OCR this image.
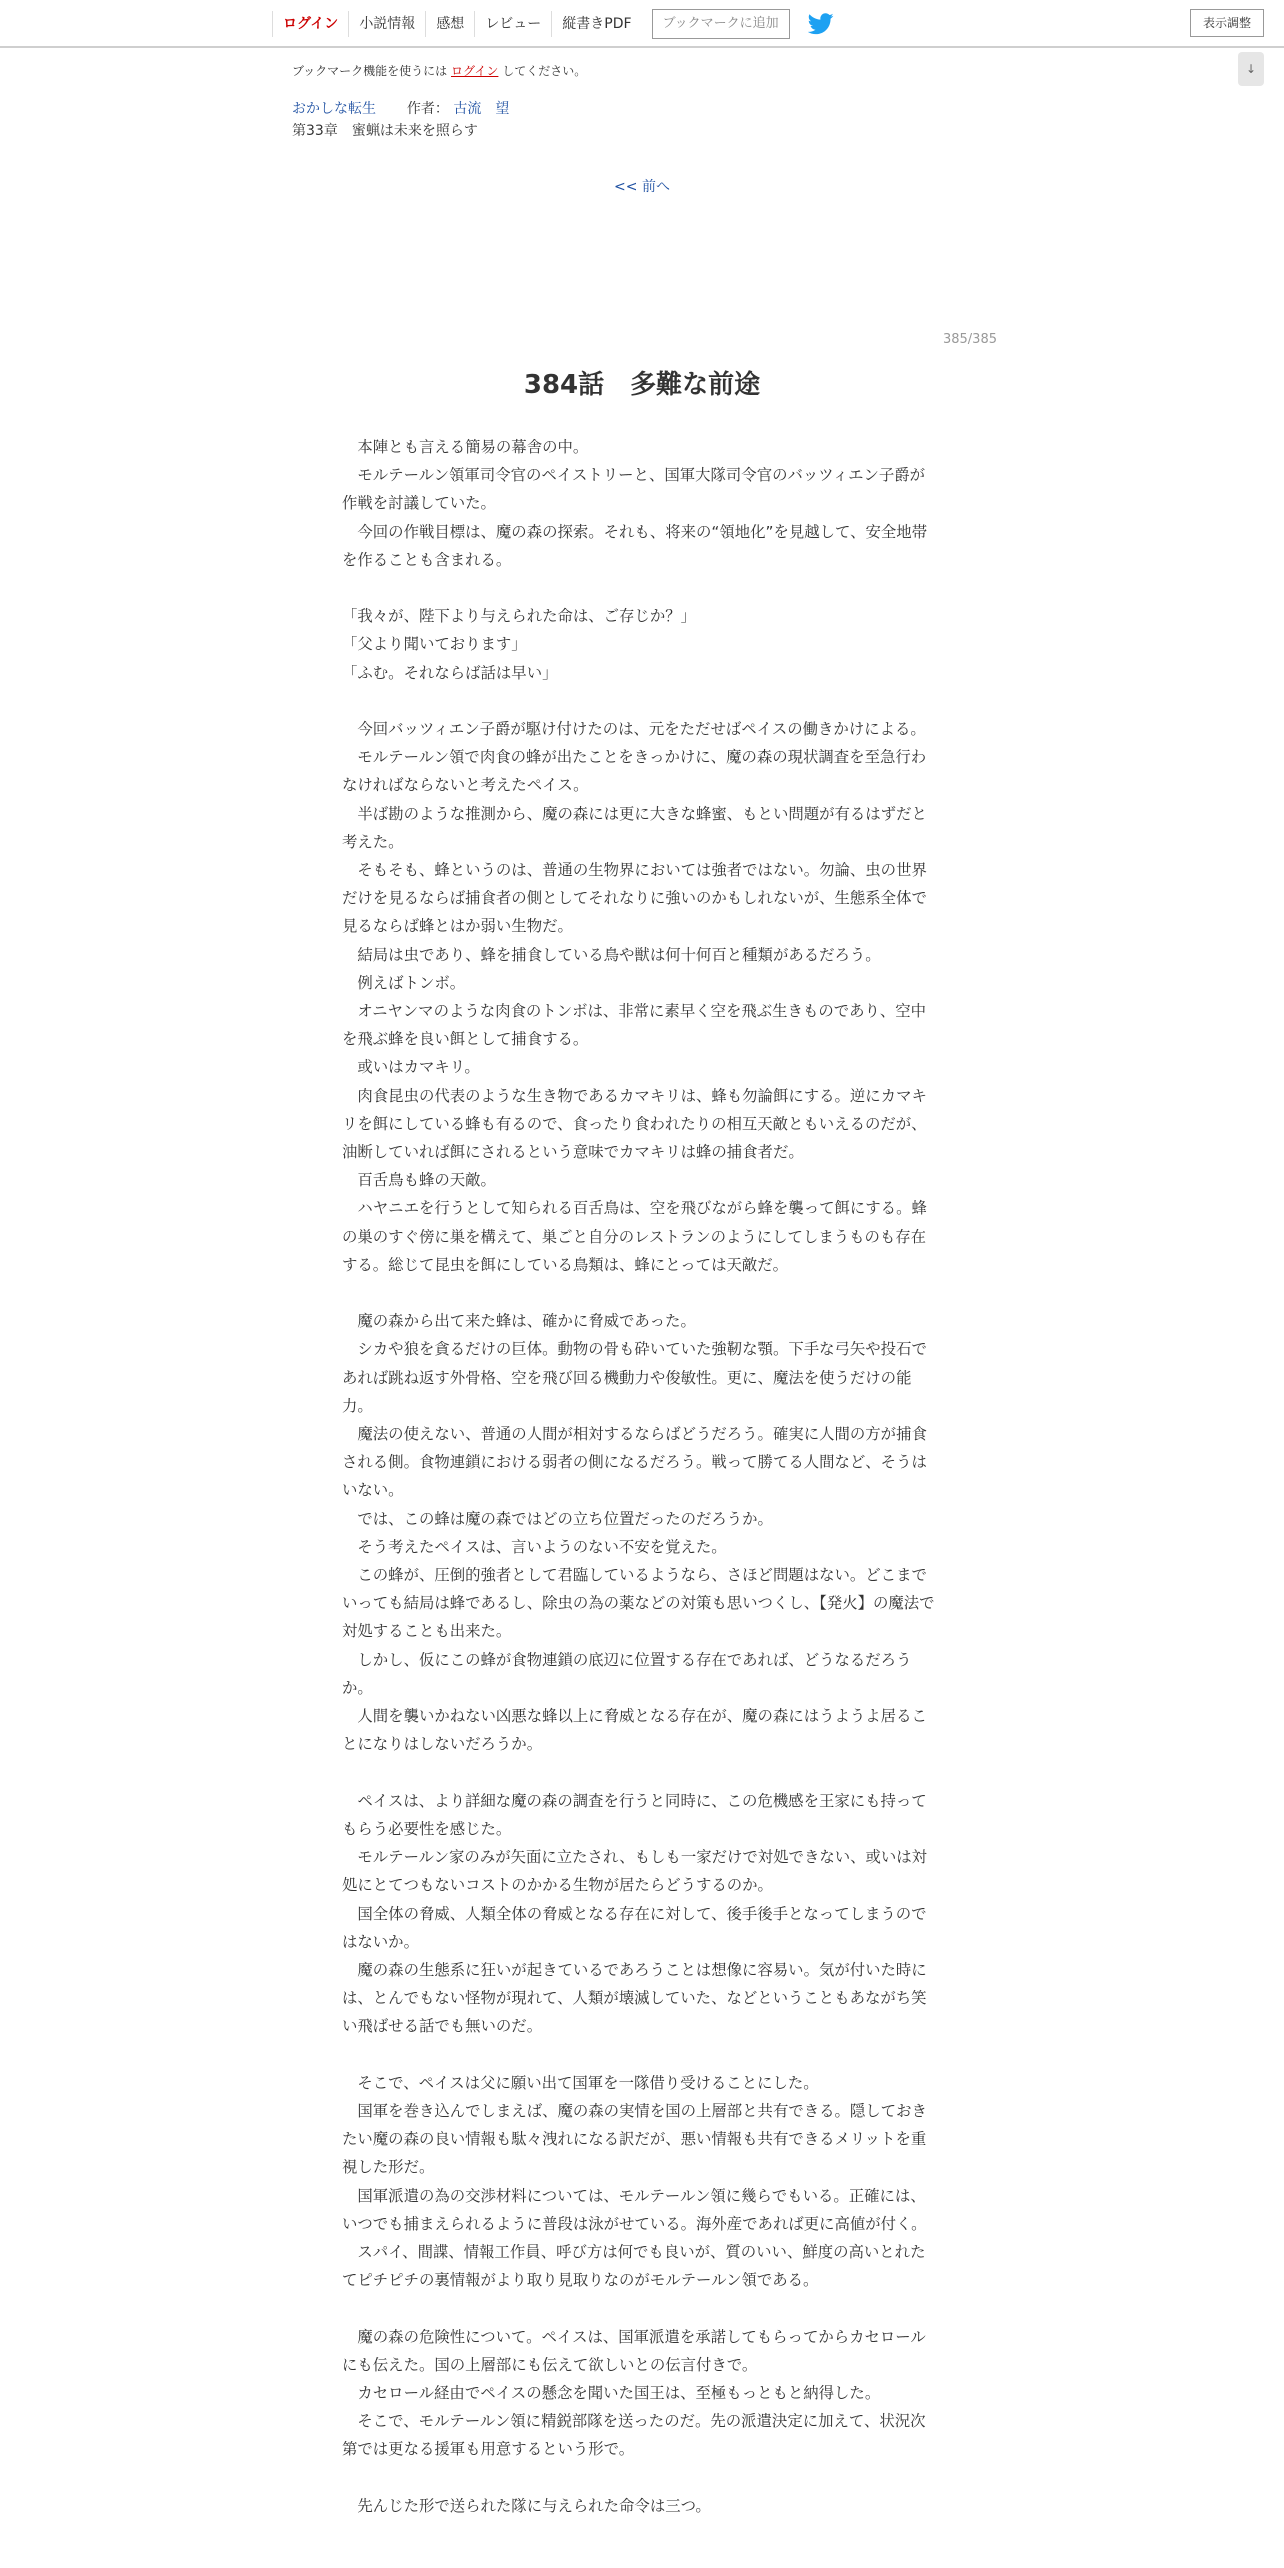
ログイン	小説情報	感想	レビュー	縦書きPDF	ブックマークに追加	表示調整
↓
ブックマーク機能を使うには ログイン してください。
おかしな転生 作者： 古流　望
第33章　蜜蝋は未来を照らす
<< 前へ
385/385
384話　多難な前途

　本陣とも言える簡易の幕舎の中。

　モルテールン領軍司令官のペイストリーと、国軍大隊司令官のバッツィエン子爵が作戦を討議していた。

　今回の作戦目標は、魔の森の探索。それも、将来の“領地化”を見越して、安全地帯を作ることも含まれる。

「我々が、陛下より与えられた命は、ご存じか？」

「父より聞いております」

「ふむ。それならば話は早い」

　今回バッツィエン子爵が駆け付けたのは、元をただせばペイスの働きかけによる。

　モルテールン領で肉食の蜂が出たことをきっかけに、魔の森の現状調査を至急行わなければならないと考えたペイス。

　半ば勘のような推測から、魔の森には更に大きな蜂蜜、もとい問題が有るはずだと考えた。

　そもそも、蜂というのは、普通の生物界においては強者ではない。勿論、虫の世界だけを見るならば捕食者の側としてそれなりに強いのかもしれないが、生態系全体で見るならば蜂とはか弱い生物だ。

　結局は虫であり、蜂を捕食している鳥や獣は何十何百と種類があるだろう。

　例えばトンボ。

　オニヤンマのような肉食のトンボは、非常に素早く空を飛ぶ生きものであり、空中を飛ぶ蜂を良い餌として捕食する。

　或いはカマキリ。

　肉食昆虫の代表のような生き物であるカマキリは、蜂も勿論餌にする。逆にカマキリを餌にしている蜂も有るので、食ったり食われたりの相互天敵ともいえるのだが、油断していれば餌にされるという意味でカマキリは蜂の捕食者だ。

　百舌鳥も蜂の天敵。

　ハヤニエを行うとして知られる百舌鳥は、空を飛びながら蜂を襲って餌にする。蜂の巣のすぐ傍に巣を構えて、巣ごと自分のレストランのようにしてしまうものも存在する。総じて昆虫を餌にしている鳥類は、蜂にとっては天敵だ。

　魔の森から出て来た蜂は、確かに脅威であった。

　シカや狼を貪るだけの巨体。動物の骨も砕いていた強靭な顎。下手な弓矢や投石であれば跳ね返す外骨格、空を飛び回る機動力や俊敏性。更に、魔法を使うだけの能力。

　魔法の使えない、普通の人間が相対するならばどうだろう。確実に人間の方が捕食される側。食物連鎖における弱者の側になるだろう。戦って勝てる人間など、そうはいない。

　では、この蜂は魔の森ではどの立ち位置だったのだろうか。

　そう考えたペイスは、言いようのない不安を覚えた。

　この蜂が、圧倒的強者として君臨しているようなら、さほど問題はない。どこまでいっても結局は蜂であるし、除虫の為の薬などの対策も思いつくし、【発火】の魔法で対処することも出来た。

　しかし、仮にこの蜂が食物連鎖の底辺に位置する存在であれば、どうなるだろうか。

　人間を襲いかねない凶悪な蜂以上に脅威となる存在が、魔の森にはうようよ居ることになりはしないだろうか。

　ペイスは、より詳細な魔の森の調査を行うと同時に、この危機感を王家にも持ってもらう必要性を感じた。

　モルテールン家のみが矢面に立たされ、もしも一家だけで対処できない、或いは対処にとてつもないコストのかかる生物が居たらどうするのか。

　国全体の脅威、人類全体の脅威となる存在に対して、後手後手となってしまうのではないか。

　魔の森の生態系に狂いが起きているであろうことは想像に容易い。気が付いた時には、とんでもない怪物が現れて、人類が壊滅していた、などということもあながち笑い飛ばせる話でも無いのだ。

　そこで、ペイスは父に願い出て国軍を一隊借り受けることにした。

　国軍を巻き込んでしまえば、魔の森の実情を国の上層部と共有できる。隠しておきたい魔の森の良い情報も駄々洩れになる訳だが、悪い情報も共有できるメリットを重視した形だ。

　国軍派遣の為の交渉材料については、モルテールン領に幾らでもいる。正確には、いつでも捕まえられるように普段は泳がせている。海外産であれば更に高値が付く。

　スパイ、間諜、情報工作員、呼び方は何でも良いが、質のいい、鮮度の高いとれたてピチピチの裏情報がより取り見取りなのがモルテールン領である。

　魔の森の危険性について。ペイスは、国軍派遣を承諾してもらってからカセロールにも伝えた。国の上層部にも伝えて欲しいとの伝言付きで。

　カセロール経由でペイスの懸念を聞いた国王は、至極もっともと納得した。

　そこで、モルテールン領に精鋭部隊を送ったのだ。先の派遣決定に加えて、状況次第では更なる援軍も用意するという形で。

　先んじた形で送られた隊に与えられた命令は三つ。
